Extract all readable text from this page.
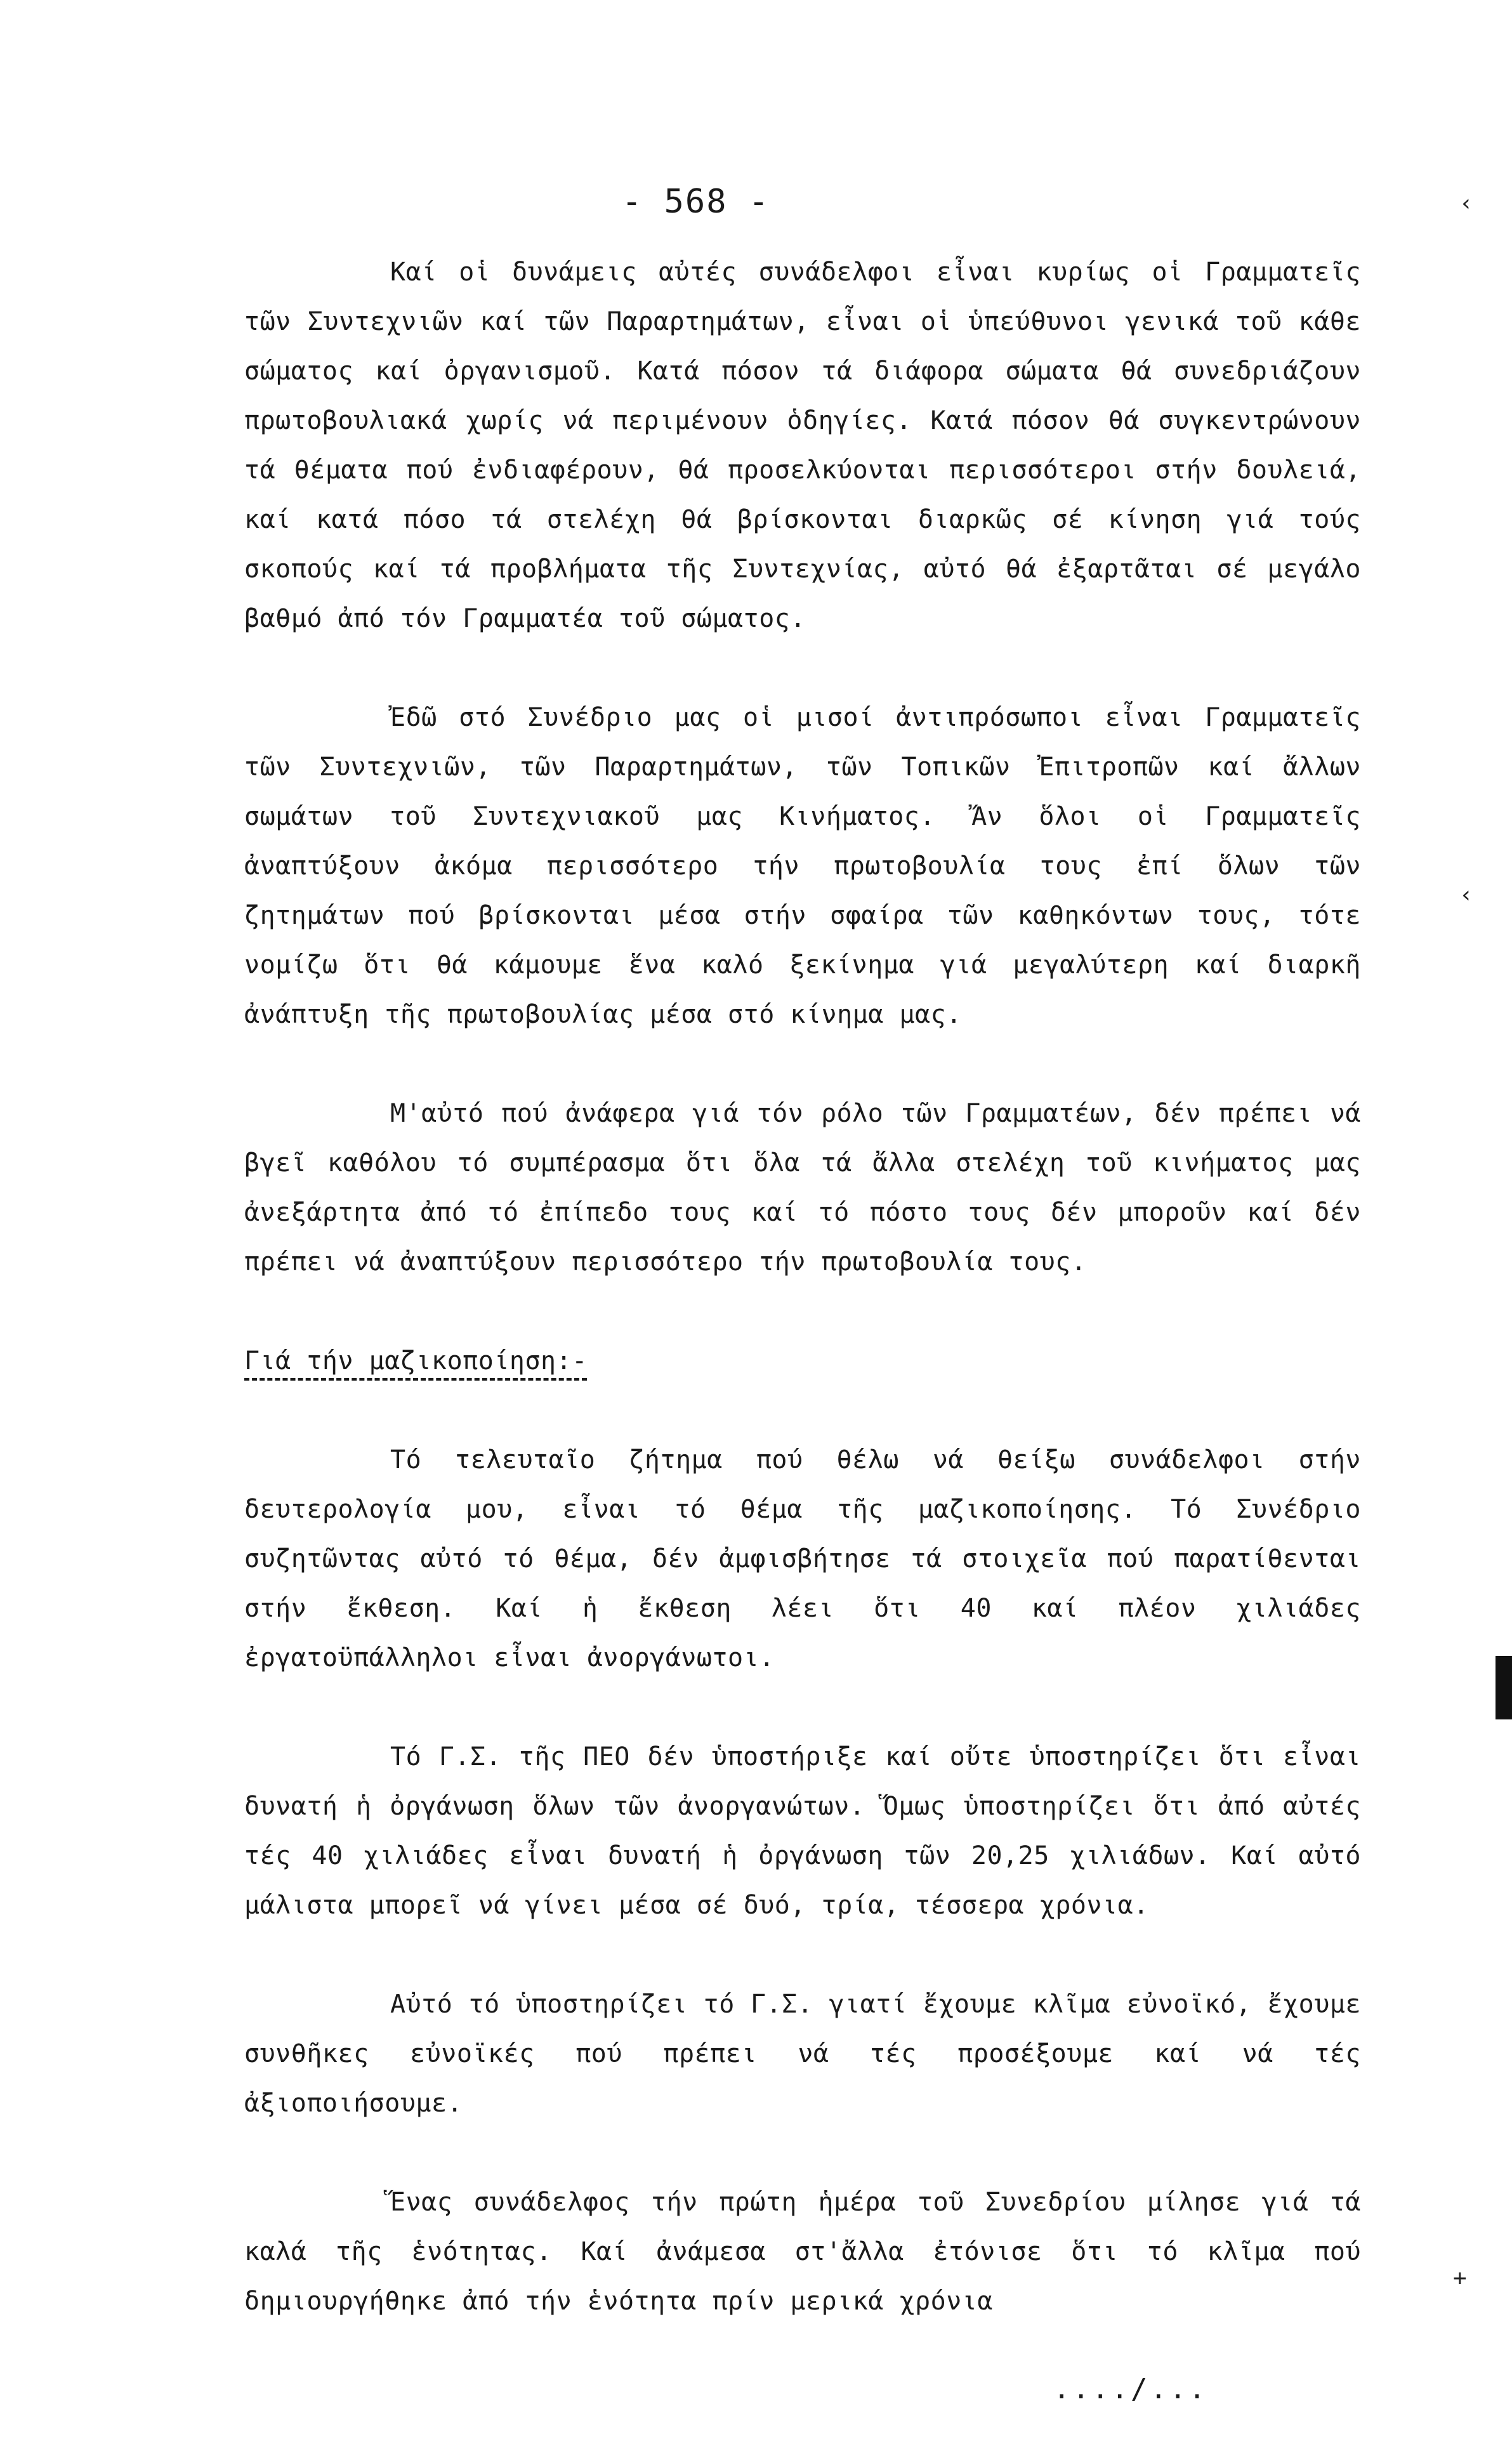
- 568 -

Καί οἱ δυνάμεις αὐτές συνάδελφοι εἶναι κυρίως οἱ Γραμματεῖς τῶν Συντεχνιῶν καί τῶν Παραρτημάτων, εἶναι οἱ ὑπεύθυνοι γενικά τοῦ κάθε σώματος καί ὀργανισμοῦ. Κατά πόσον τά διάφορα σώματα θά συνεδριάζουν πρωτοβουλιακά χωρίς νά περιμένουν ὁδηγίες. Κατά πόσον θά συγκεντρώνουν τά θέματα πού ἐνδιαφέρουν, θά προσελκύονται περισσότεροι στήν δουλειά, καί κατά πόσο τά στελέχη θά βρίσκονται διαρκῶς σέ κίνηση γιά τούς σκοπούς καί τά προβλήματα τῆς Συντεχνίας, αὐτό θά ἐξαρτᾶται σέ μεγάλο βαθμό ἀπό τόν Γραμματέα τοῦ σώματος.

Ἐδῶ στό Συνέδριο μας οἱ μισοί ἀντιπρόσωποι εἶναι Γραμματεῖς τῶν Συντεχνιῶν, τῶν Παραρτημάτων, τῶν Τοπικῶν Ἐπιτροπῶν καί ἄλλων σωμάτων τοῦ Συντεχνιακοῦ μας Κινήματος. Ἄν ὅλοι οἱ Γραμματεῖς ἀναπτύξουν ἀκόμα περισσότερο τήν πρωτοβουλία τους ἐπί ὅλων τῶν ζητημάτων πού βρίσκονται μέσα στήν σφαίρα τῶν καθηκόντων τους, τότε νομίζω ὅτι θά κάμουμε ἕνα καλό ξεκίνημα γιά μεγαλύτερη καί διαρκῆ ἀνάπτυξη τῆς πρωτοβουλίας μέσα στό κίνημα μας.

Μ'αὐτό πού ἀνάφερα γιά τόν ρόλο τῶν Γραμματέων, δέν πρέπει νά βγεῖ καθόλου τό συμπέρασμα ὅτι ὅλα τά ἄλλα στελέχη τοῦ κινήματος μας ἀνεξάρτητα ἀπό τό ἐπίπεδο τους καί τό πόστο τους δέν μποροῦν καί δέν πρέπει νά ἀναπτύξουν περισσότερο τήν πρωτοβουλία τους.

Γιά τήν μαζικοποίηση:-

Τό τελευταῖο ζήτημα πού θέλω νά θείξω συνάδελφοι στήν δευτερολογία μου, εἶναι τό θέμα τῆς μαζικοποίησης. Τό Συνέδριο συζητῶντας αὐτό τό θέμα, δέν ἀμφισβήτησε τά στοιχεῖα πού παρατίθενται στήν ἔκθεση. Καί ἡ ἔκθεση λέει ὅτι 40 καί πλέον χιλιάδες ἐργατοϋπάλληλοι εἶναι ἀνοργάνωτοι.

Τό Γ.Σ. τῆς ΠΕΟ δέν ὑποστήριξε καί οὔτε ὑποστηρίζει ὅτι εἶναι δυνατή ἡ ὀργάνωση ὅλων τῶν ἀνοργανώτων. Ὅμως ὑποστηρίζει ὅτι ἀπό αὐτές τές 40 χιλιάδες εἶναι δυνατή ἡ ὀργάνωση τῶν 20,25 χιλιάδων. Καί αὐτό μάλιστα μπορεῖ νά γίνει μέσα σέ δυό, τρία, τέσσερα χρόνια.

Αὐτό τό ὑποστηρίζει τό Γ.Σ. γιατί ἔχουμε κλῖμα εὐνοϊκό, ἔχουμε συνθῆκες εὐνοϊκές πού πρέπει νά τές προσέξουμε καί νά τές ἀξιοποιήσουμε.

Ἕνας συνάδελφος τήν πρώτη ἡμέρα τοῦ Συνεδρίου μίλησε γιά τά καλά τῆς ἑνότητας. Καί ἀνάμεσα στ'ἄλλα ἐτόνισε ὅτι τό κλῖμα πού δημιουργήθηκε ἀπό τήν ἑνότητα πρίν μερικά χρόνια

..../...
‹
‹
+
